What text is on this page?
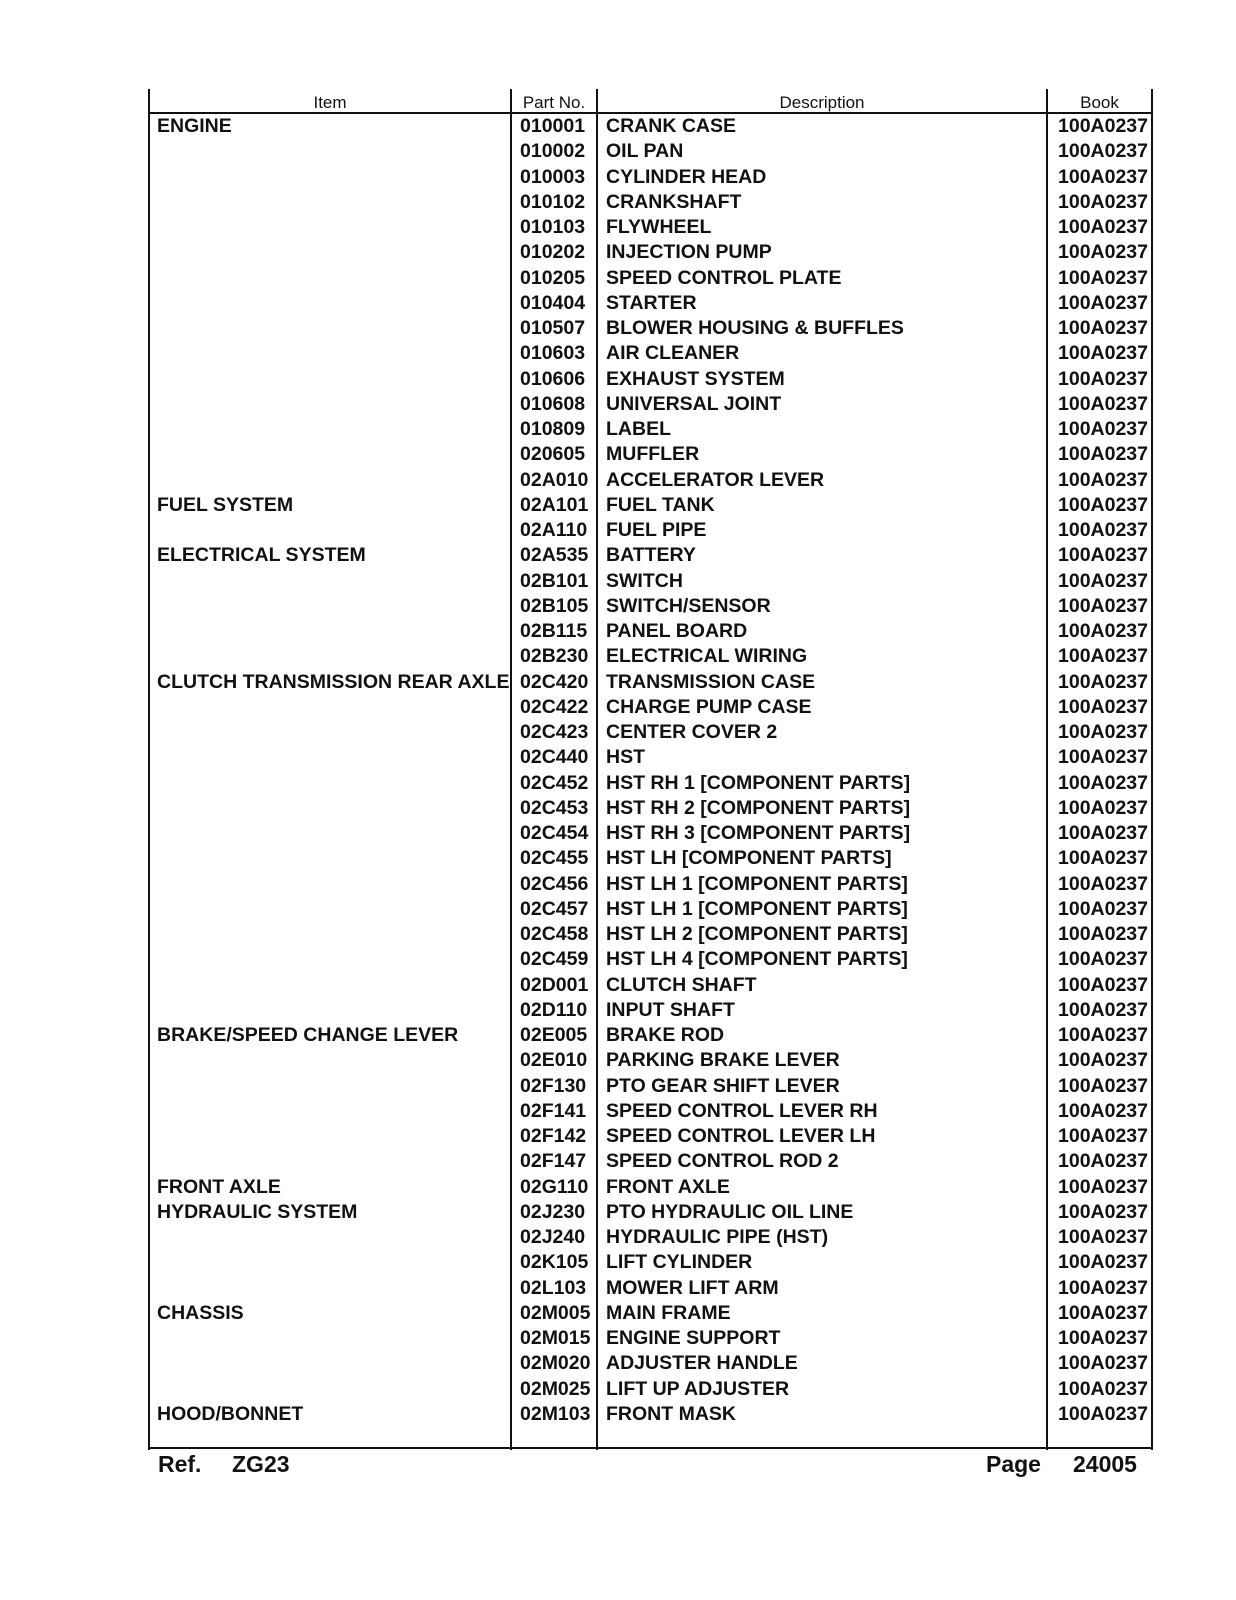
Item	Part No.	Description	Book
ENGINE	010001 CRANK CASE	100A0237
010002 OIL PAN	100A0237
010003 CYLINDER HEAD	100A0237
010102 CRANKSHAFT	100A0237
010103 FLYWHEEL	100A0237
010202 INJECTION PUMP	100A0237
010205 SPEED CONTROL PLATE	100A0237
010404 STARTER	100A0237
010507 BLOWER HOUSING & BUFFLES	100A0237
010603 AIR CLEANER	100A0237
010606 EXHAUST SYSTEM	100A0237
010608 UNIVERSAL JOINT	100A0237
010809 LABEL	100A0237
020605 MUFFLER	100A0237
02A010 ACCELERATOR LEVER	100A0237
FUEL SYSTEM	02A101 FUEL TANK	100A0237
02A110 FUEL PIPE	100A0237
ELECTRICAL SYSTEM	02A535 BATTERY	100A0237
02B101 SWITCH	100A0237
02B105 SWITCH/SENSOR	100A0237
02B115 PANEL BOARD	100A0237
02B230 ELECTRICAL WIRING	100A0237
CLUTCH TRANSMISSION REAR AXLE 02C420 TRANSMISSION CASE	100A0237
02C422 CHARGE PUMP CASE	100A0237
02C423 CENTER COVER 2	100A0237
02C440 HST	100A0237
02C452 HST RH 1 [COMPONENT PARTS]	100A0237
02C453 HST RH 2 [COMPONENT PARTS]	100A0237
02C454 HST RH 3 [COMPONENT PARTS]	100A0237
02C455 HST LH [COMPONENT PARTS]	100A0237
02C456 HST LH 1 [COMPONENT PARTS]	100A0237
02C457 HST LH 1 [COMPONENT PARTS]	100A0237
02C458 HST LH 2 [COMPONENT PARTS]	100A0237
02C459 HST LH 4 [COMPONENT PARTS]	100A0237
02D001 CLUTCH SHAFT	100A0237
02D110 INPUT SHAFT	100A0237
BRAKE/SPEED CHANGE LEVER	02E005 BRAKE ROD	100A0237
02E010 PARKING BRAKE LEVER	100A0237
02F130 PTO GEAR SHIFT LEVER	100A0237
02F141 SPEED CONTROL LEVER RH	100A0237
02F142 SPEED CONTROL LEVER LH	100A0237
02F147 SPEED CONTROL ROD 2	100A0237
FRONT AXLE	02G110 FRONT AXLE	100A0237
HYDRAULIC SYSTEM	02J230 PTO HYDRAULIC OIL LINE	100A0237
02J240 HYDRAULIC PIPE (HST)	100A0237
02K105 LIFT CYLINDER	100A0237
02L103 MOWER LIFT ARM	100A0237
CHASSIS	02M005 MAIN FRAME	100A0237
02M015 ENGINE SUPPORT	100A0237
02M020 ADJUSTER HANDLE	100A0237
02M025 LIFT UP ADJUSTER	100A0237
HOOD/BONNET	02M103 FRONT MASK	100A0237
Ref. ZG23	Page 24005
